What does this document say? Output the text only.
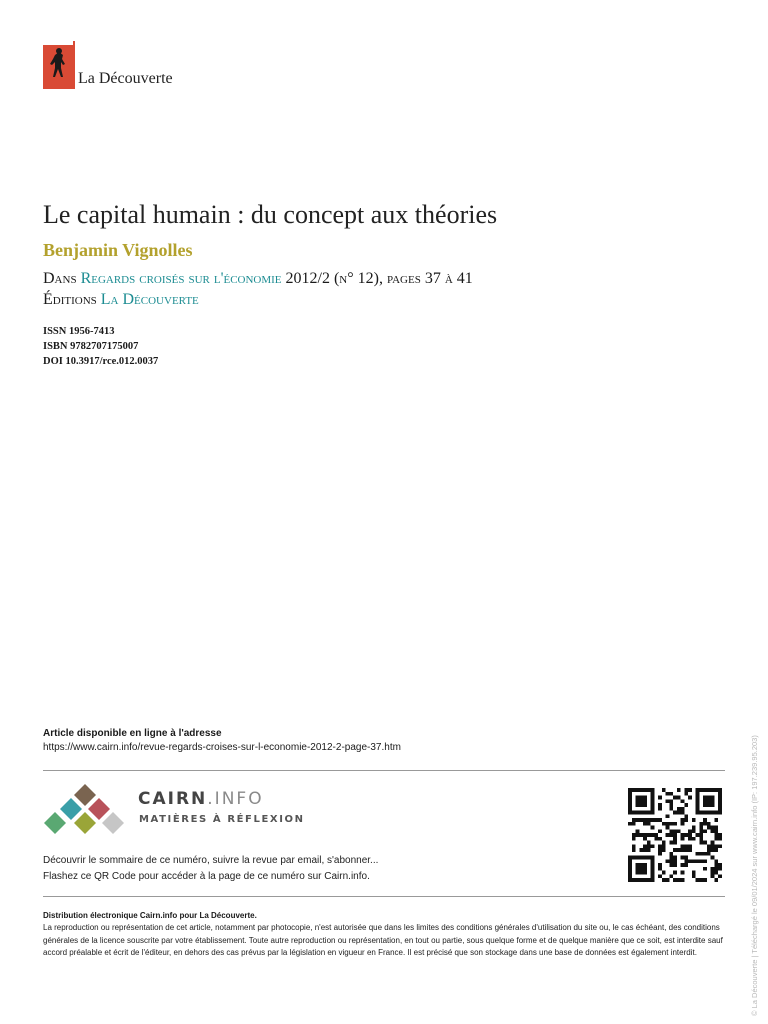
La Découverte
Le capital humain : du concept aux théories
Benjamin Vignolles
Dans Regards croisés sur l'économie 2012/2 (n° 12), pages 37 à 41
Éditions La Découverte
ISSN 1956-7413
ISBN 9782707175007
DOI 10.3917/rce.012.0037
Article disponible en ligne à l'adresse
https://www.cairn.info/revue-regards-croises-sur-l-economie-2012-2-page-37.htm
CAIRN.INFO
MATIÈRES À RÉFLEXION
Découvrir le sommaire de ce numéro, suivre la revue par email, s'abonner...
Flashez ce QR Code pour accéder à la page de ce numéro sur Cairn.info.
Distribution électronique Cairn.info pour La Découverte.
La reproduction ou représentation de cet article, notamment par photocopie, n'est autorisée que dans les limites des conditions générales d'utilisation du site ou, le cas échéant, des conditions générales de la licence souscrite par votre établissement. Toute autre reproduction ou représentation, en tout ou partie, sous quelque forme et de quelque manière que ce soit, est interdite sauf accord préalable et écrit de l'éditeur, en dehors des cas prévus par la législation en vigueur en France. Il est précisé que son stockage dans une base de données est également interdit.	© La Découverte | Téléchargé le 09/01/2024 sur www.cairn.info (IP: 197.239.95.203)
